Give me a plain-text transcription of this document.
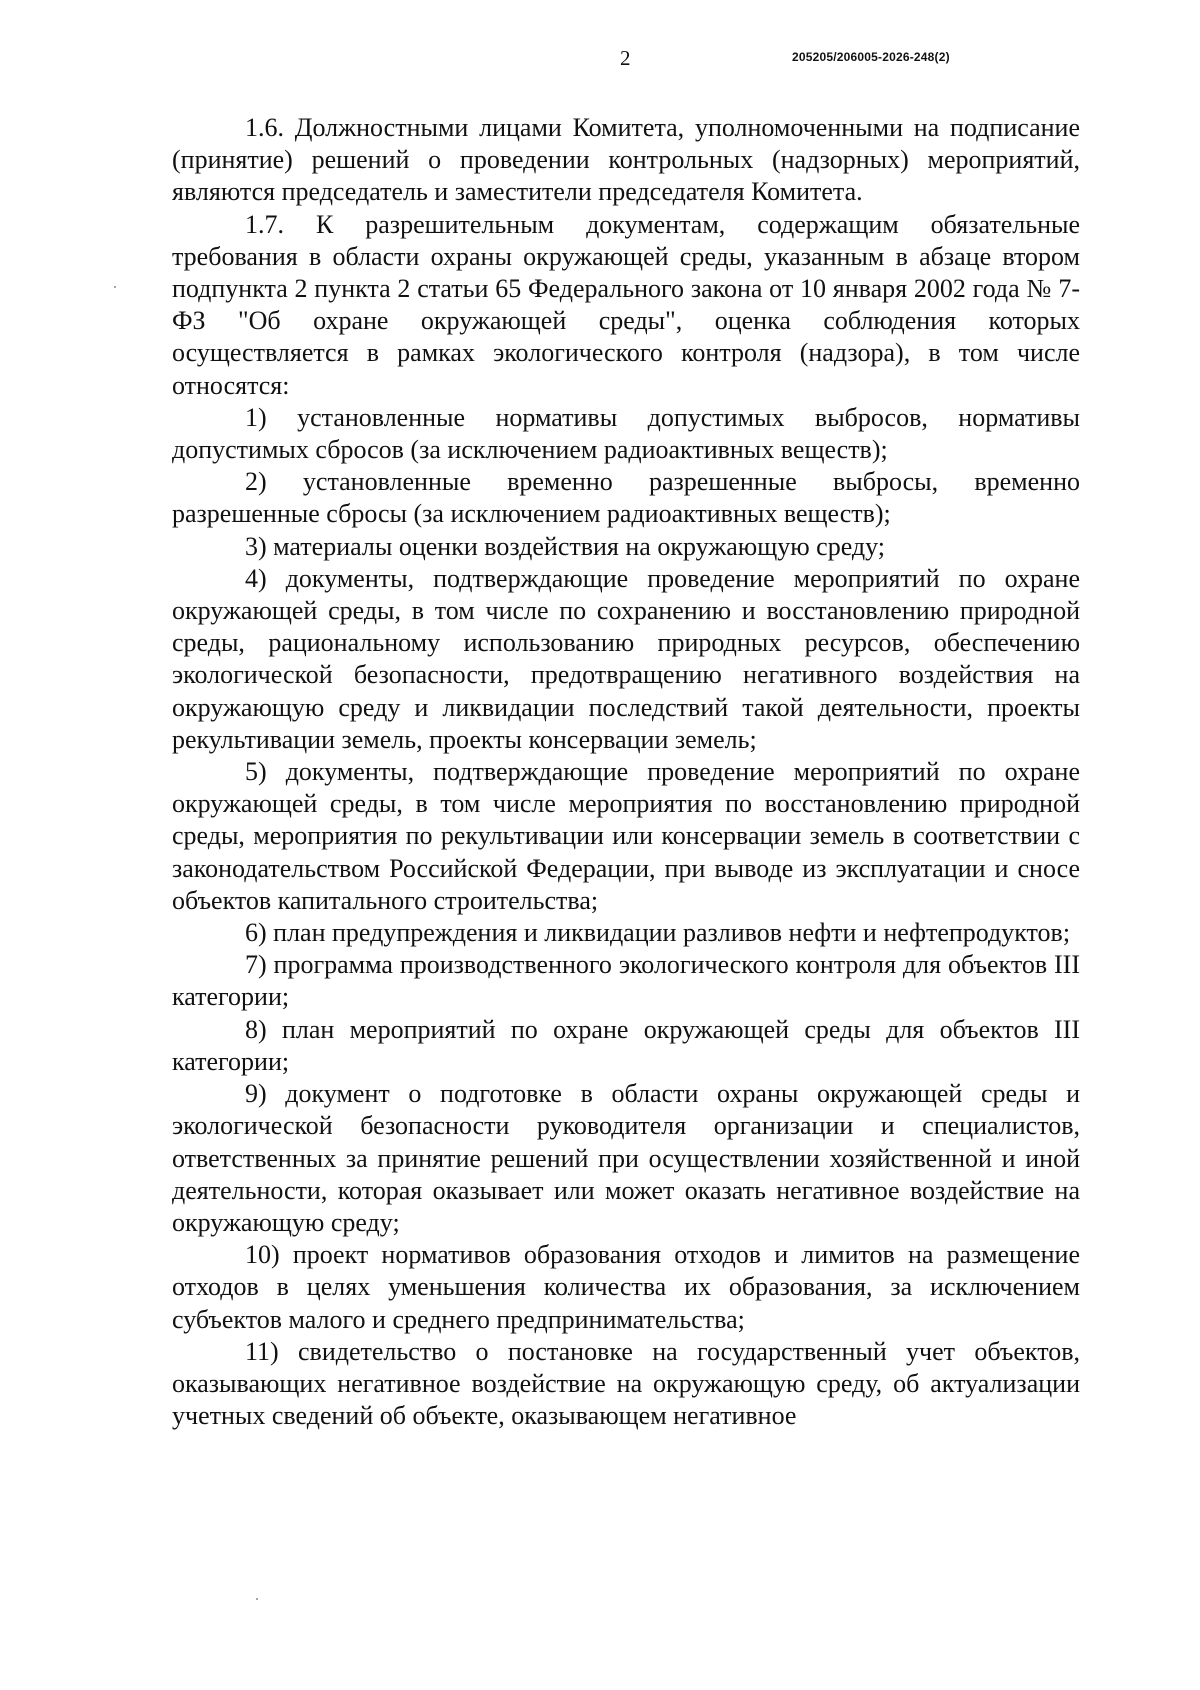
2	205205/206005-2026-248(2)

1.6. Должностными лицами Комитета, уполномоченными на подписание (принятие) решений о проведении контрольных (надзорных) мероприятий, являются председатель и заместители председателя Комитета.

1.7. К разрешительным документам, содержащим обязательные требования в области охраны окружающей среды, указанным в абзаце втором подпункта 2 пункта 2 статьи 65 Федерального закона от 10 января 2002 года № 7-ФЗ "Об охране окружающей среды", оценка соблюдения которых осуществляется в рамках экологического контроля (надзора), в том числе относятся:

1) установленные нормативы допустимых выбросов, нормативы допустимых сбросов (за исключением радиоактивных веществ);

2) установленные временно разрешенные выбросы, временно разрешенные сбросы (за исключением радиоактивных веществ);

3) материалы оценки воздействия на окружающую среду;

4) документы, подтверждающие проведение мероприятий по охране окружающей среды, в том числе по сохранению и восстановлению природной среды, рациональному использованию природных ресурсов, обеспечению экологической безопасности, предотвращению негативного воздействия на окружающую среду и ликвидации последствий такой деятельности, проекты рекультивации земель, проекты консервации земель;

5) документы, подтверждающие проведение мероприятий по охране окружающей среды, в том числе мероприятия по восстановлению природной среды, мероприятия по рекультивации или консервации земель в соответствии с законодательством Российской Федерации, при выводе из эксплуатации и сносе объектов капитального строительства;

6) план предупреждения и ликвидации разливов нефти и нефтепродуктов;

7) программа производственного экологического контроля для объектов III категории;

8) план мероприятий по охране окружающей среды для объектов III категории;

9) документ о подготовке в области охраны окружающей среды и экологической безопасности руководителя организации и специалистов, ответственных за принятие решений при осуществлении хозяйственной и иной деятельности, которая оказывает или может оказать негативное воздействие на окружающую среду;

10) проект нормативов образования отходов и лимитов на размещение отходов в целях уменьшения количества их образования, за исключением субъектов малого и среднего предпринимательства;

11) свидетельство о постановке на государственный учет объектов, оказывающих негативное воздействие на окружающую среду, об актуализации учетных сведений об объекте, оказывающем негативное
